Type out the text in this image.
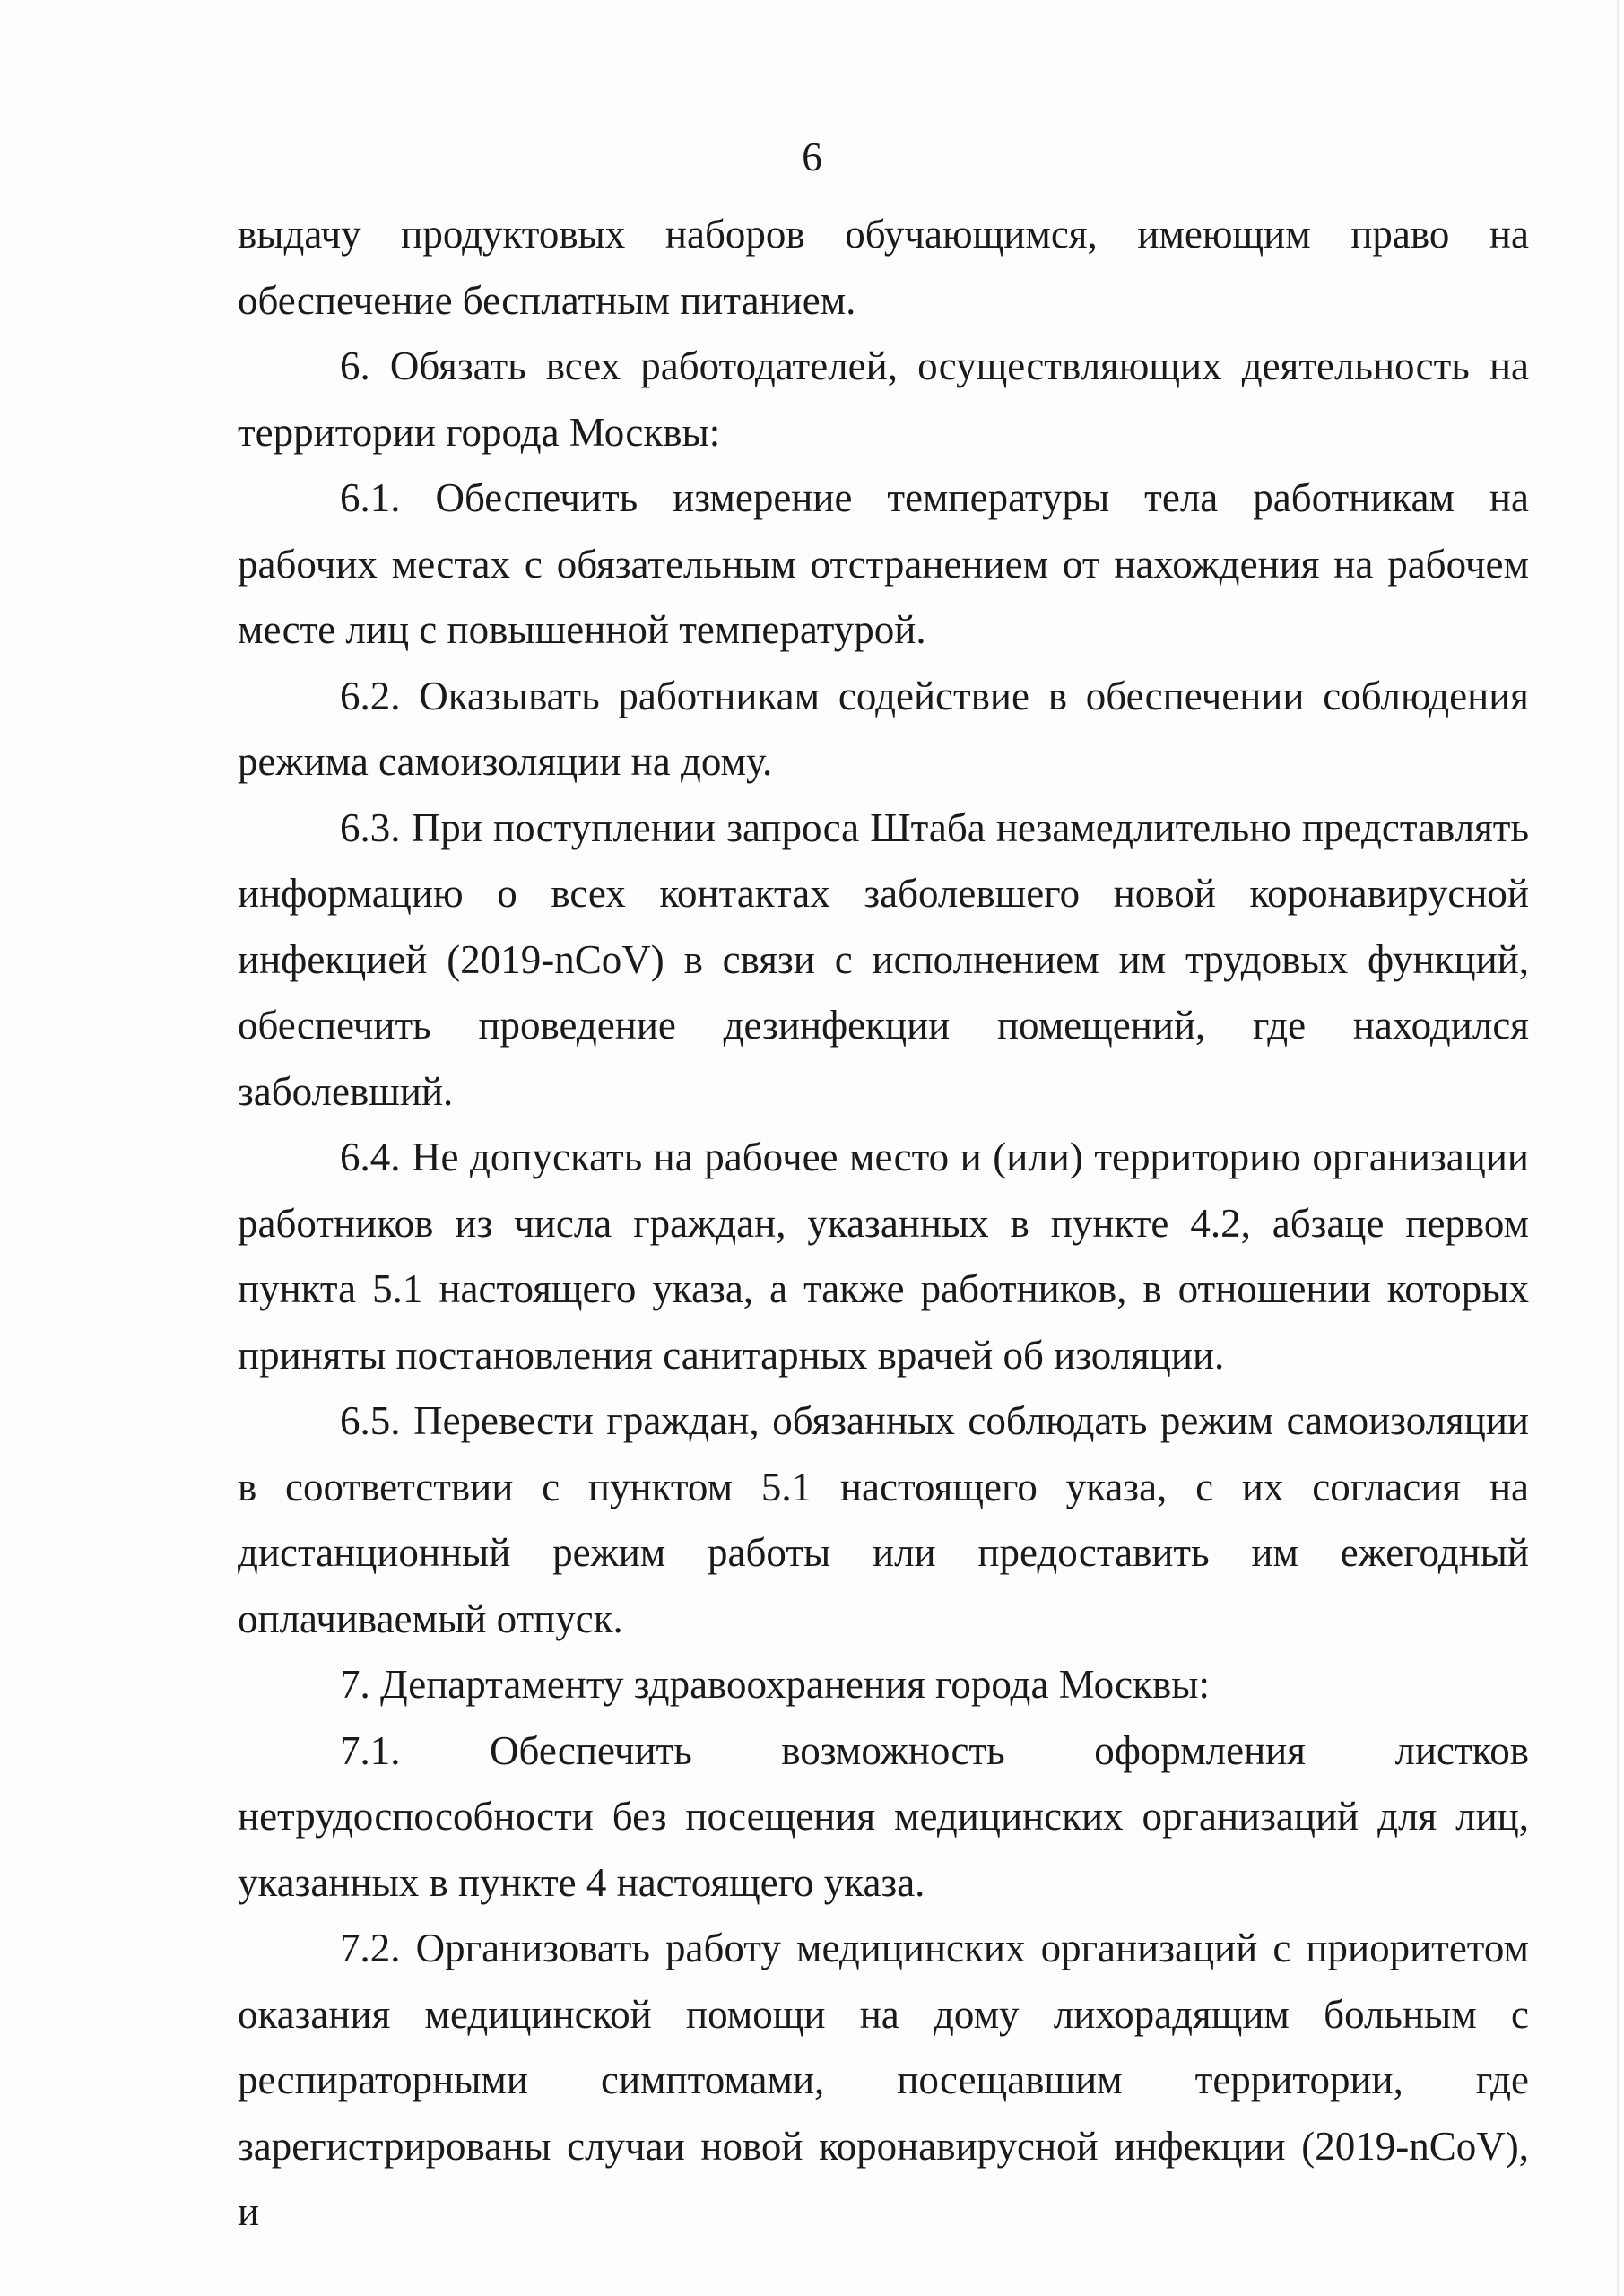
6

выдачу продуктовых наборов обучающимся, имеющим право на обеспечение бесплатным питанием.

6. Обязать всех работодателей, осуществляющих деятельность на территории города Москвы:

6.1. Обеспечить измерение температуры тела работникам на рабочих местах с обязательным отстранением от нахождения на рабочем месте лиц с повышенной температурой.

6.2. Оказывать работникам содействие в обеспечении соблюдения режима самоизоляции на дому.

6.3. При поступлении запроса Штаба незамедлительно представлять информацию о всех контактах заболевшего новой коронавирусной инфекцией (2019-nCoV) в связи с исполнением им трудовых функций, обеспечить проведение дезинфекции помещений, где находился заболевший.

6.4. Не допускать на рабочее место и (или) территорию организации работников из числа граждан, указанных в пункте 4.2, абзаце первом пункта 5.1 настоящего указа, а также работников, в отношении которых приняты постановления санитарных врачей об изоляции.

6.5. Перевести граждан, обязанных соблюдать режим самоизоляции в соответствии с пунктом 5.1 настоящего указа, с их согласия на дистанционный режим работы или предоставить им ежегодный оплачиваемый отпуск.

7. Департаменту здравоохранения города Москвы:

7.1. Обеспечить возможность оформления листков нетрудоспособности без посещения медицинских организаций для лиц, указанных в пункте 4 настоящего указа.

7.2. Организовать работу медицинских организаций с приоритетом оказания медицинской помощи на дому лихорадящим больным с респираторными симптомами, посещавшим территории, где зарегистрированы случаи новой коронавирусной инфекции (2019-nCoV), и
